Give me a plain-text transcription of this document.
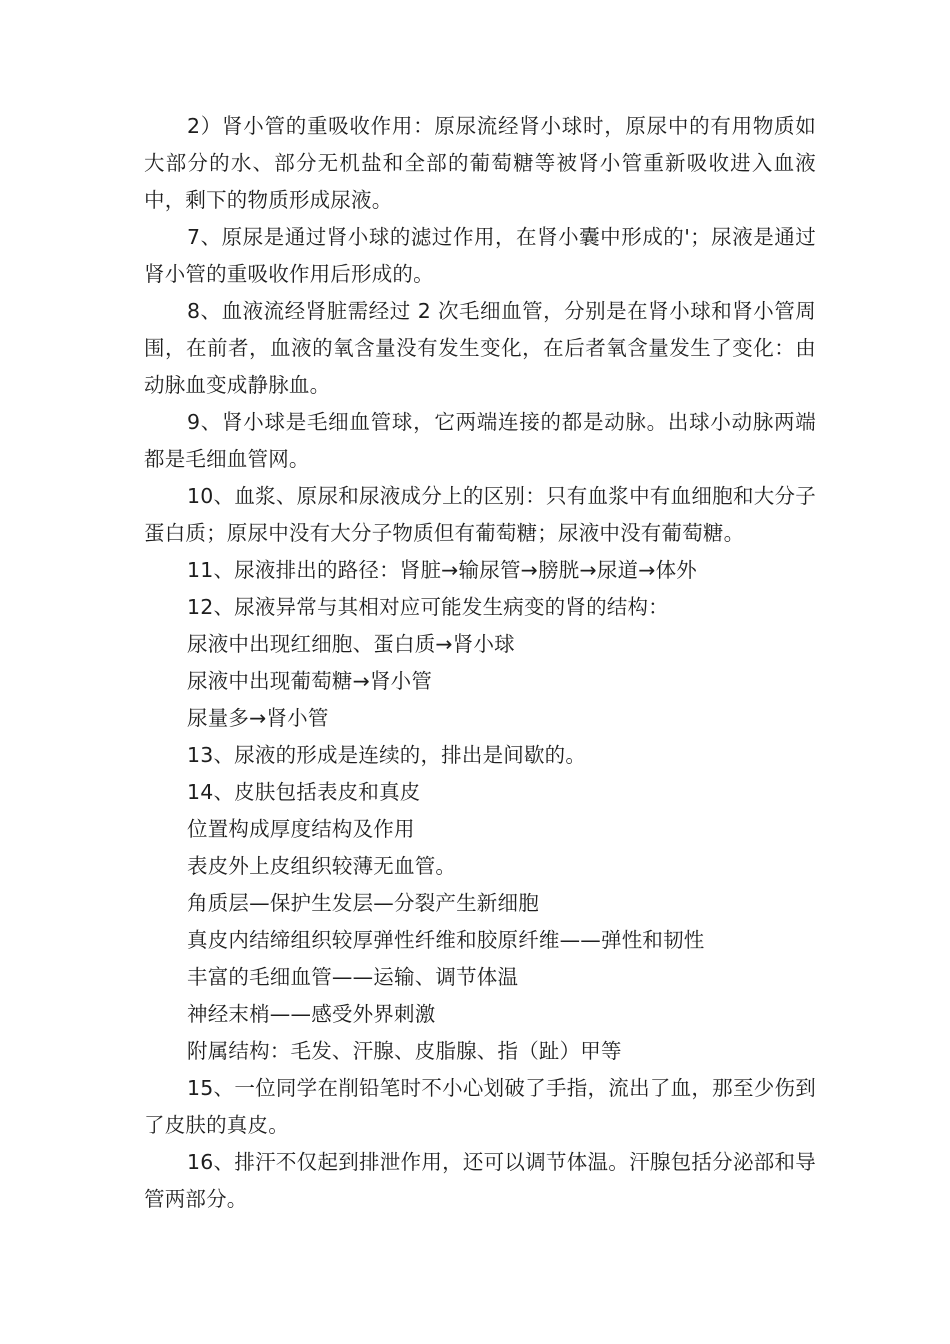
2）肾小管的重吸收作用：原尿流经肾小球时，原尿中的有用物质如大部分的水、部分无机盐和全部的葡萄糖等被肾小管重新吸收进入血液中，剩下的物质形成尿液。

7、原尿是通过肾小球的滤过作用，在肾小囊中形成的'；尿液是通过肾小管的重吸收作用后形成的。

8、血液流经肾脏需经过 2 次毛细血管，分别是在肾小球和肾小管周围，在前者，血液的氧含量没有发生变化，在后者氧含量发生了变化：由动脉血变成静脉血。

9、肾小球是毛细血管球，它两端连接的都是动脉。出球小动脉两端都是毛细血管网。

10、血浆、原尿和尿液成分上的区别：只有血浆中有血细胞和大分子蛋白质；原尿中没有大分子物质但有葡萄糖；尿液中没有葡萄糖。

11、尿液排出的路径：肾脏→输尿管→膀胱→尿道→体外

12、尿液异常与其相对应可能发生病变的肾的结构：

尿液中出现红细胞、蛋白质→肾小球

尿液中出现葡萄糖→肾小管

尿量多→肾小管

13、尿液的形成是连续的，排出是间歇的。

14、皮肤包括表皮和真皮

位置构成厚度结构及作用

表皮外上皮组织较薄无血管。

角质层—保护生发层—分裂产生新细胞

真皮内结缔组织较厚弹性纤维和胶原纤维——弹性和韧性

丰富的毛细血管——运输、调节体温

神经末梢——感受外界刺激

附属结构：毛发、汗腺、皮脂腺、指（趾）甲等

15、一位同学在削铅笔时不小心划破了手指，流出了血，那至少伤到了皮肤的真皮。

16、排汗不仅起到排泄作用，还可以调节体温。汗腺包括分泌部和导管两部分。
